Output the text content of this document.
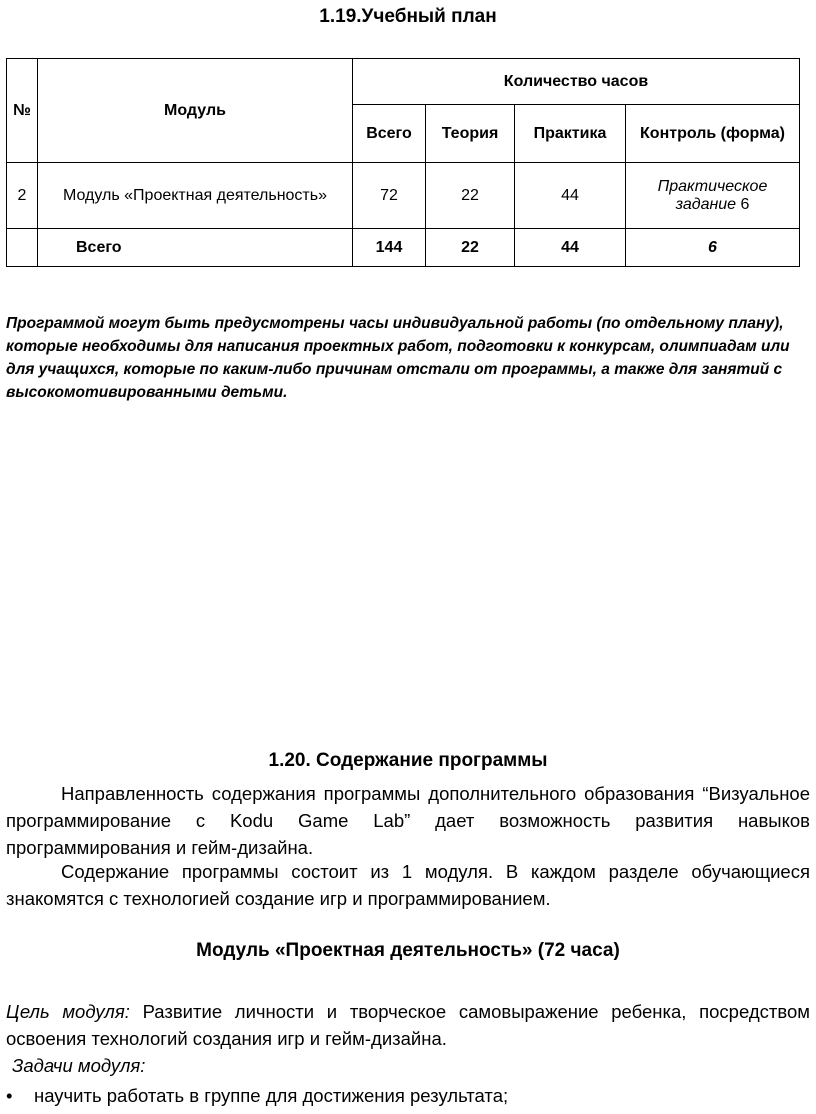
1.19.Учебный план
№	Модуль	Количество часов			
		Всего	Теория	Практика	Контроль (форма)
2	Модуль «Проектная деятельность»	72	22	44	Практическое задание 6
	Всего	144	22	44	6
Программой могут быть предусмотрены часы индивидуальной работы (по отдельному плану), которые необходимы для написания проектных работ, подготовки к конкурсам, олимпиадам или для учащихся, которые по каким-либо причинам отстали от программы, а также для занятий с высокомотивированными детьми.
1.20. Содержание программы
Направленность содержания программы дополнительного образования “Визуальное программирование с Kodu Game Lab” дает возможность развития навыков программирования и гейм-дизайна.
Содержание программы состоит из 1 модуля. В каждом разделе обучающиеся знакомятся с технологией создание игр и программированием.
Модуль «Проектная деятельность» (72 часа)
Цель модуля: Развитие личности и творческое самовыражение ребенка, посредством освоения технологий создания игр и гейм-дизайна.
Задачи модуля:
• научить работать в группе для достижения результата;
